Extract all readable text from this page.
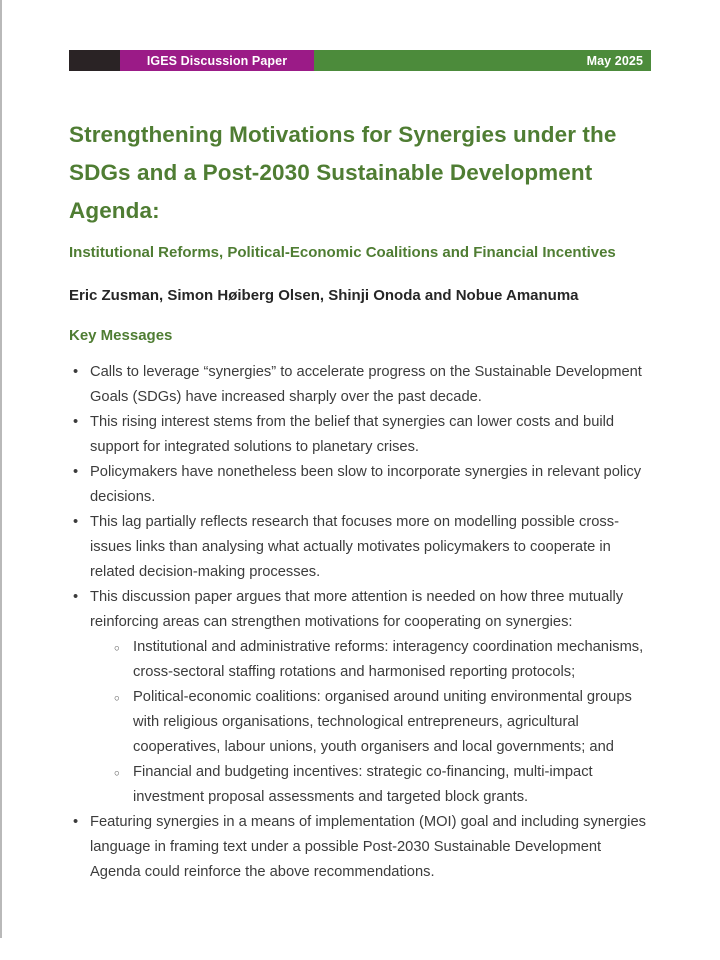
IGES Discussion Paper	May 2025
Strengthening Motivations for Synergies under the SDGs and a Post-2030 Sustainable Development Agenda:
Institutional Reforms, Political-Economic Coalitions and Financial Incentives

Eric Zusman, Simon Høiberg Olsen, Shinji Onoda and Nobue Amanuma

Key Messages
• Calls to leverage “synergies” to accelerate progress on the Sustainable Development Goals (SDGs) have increased sharply over the past decade.
• This rising interest stems from the belief that synergies can lower costs and build support for integrated solutions to planetary crises.
• Policymakers have nonetheless been slow to incorporate synergies in relevant policy decisions.
• This lag partially reflects research that focuses more on modelling possible cross-issues links than analysing what actually motivates policymakers to cooperate in related decision-making processes.
• This discussion paper argues that more attention is needed on how three mutually reinforcing areas can strengthen motivations for cooperating on synergies:
○ Institutional and administrative reforms: interagency coordination mechanisms, cross-sectoral staffing rotations and harmonised reporting protocols;
○ Political-economic coalitions: organised around uniting environmental groups with religious organisations, technological entrepreneurs, agricultural cooperatives, labour unions, youth organisers and local governments; and
○ Financial and budgeting incentives: strategic co-financing, multi-impact investment proposal assessments and targeted block grants.
• Featuring synergies in a means of implementation (MOI) goal and including synergies language in framing text under a possible Post-2030 Sustainable Development Agenda could reinforce the above recommendations.
